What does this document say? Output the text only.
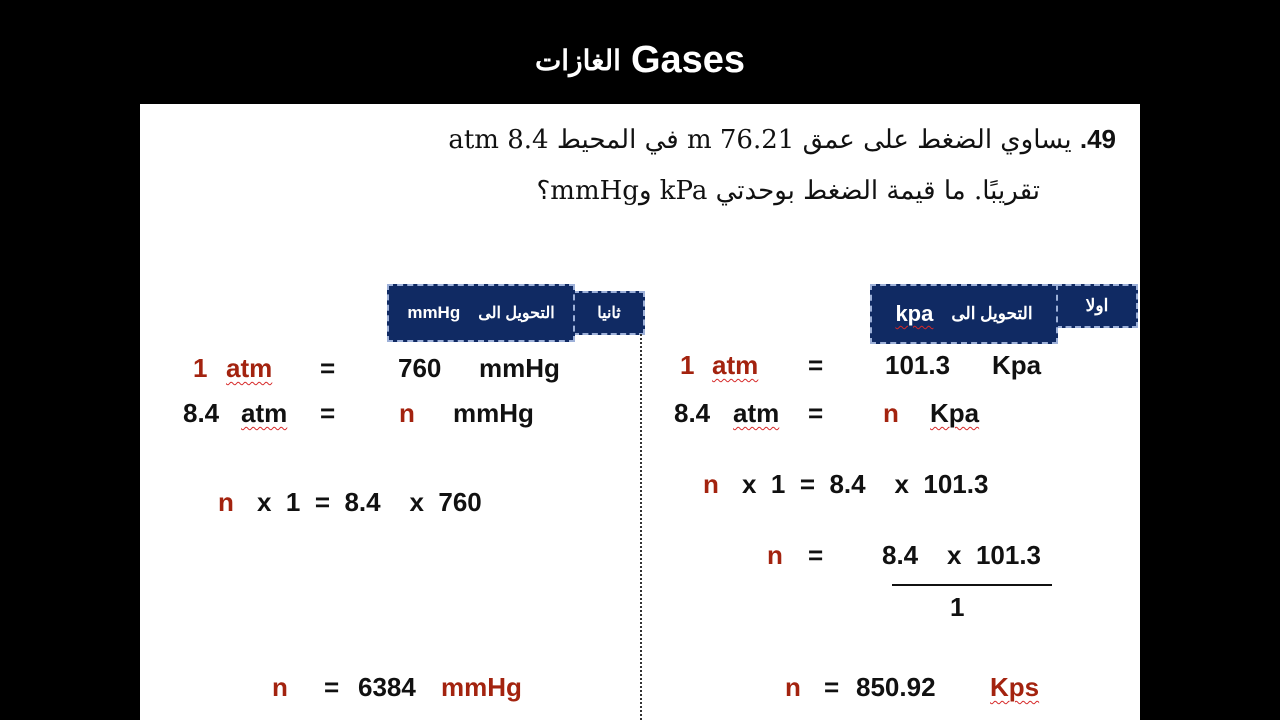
الغازات Gases
49. يساوي الضغط على عمق 76.21 m في المحيط 8.4 atm
تقريبًا. ما قيمة الضغط بوحدتي kPa وmmHg؟
اولا
التحويل الى
kpa
ثانيا
التحويل الى
mmHg
1 atm = 101.3 Kpa
8.4 atm = n Kpa
n x  1  =  8.4    x  101.3
n = 8.4    x  101.3
1
n = 850.92 Kps
1 atm = 760 mmHg
8.4 atm = n mmHg
n x  1  =  8.4    x  760
n = 6384 mmHg
